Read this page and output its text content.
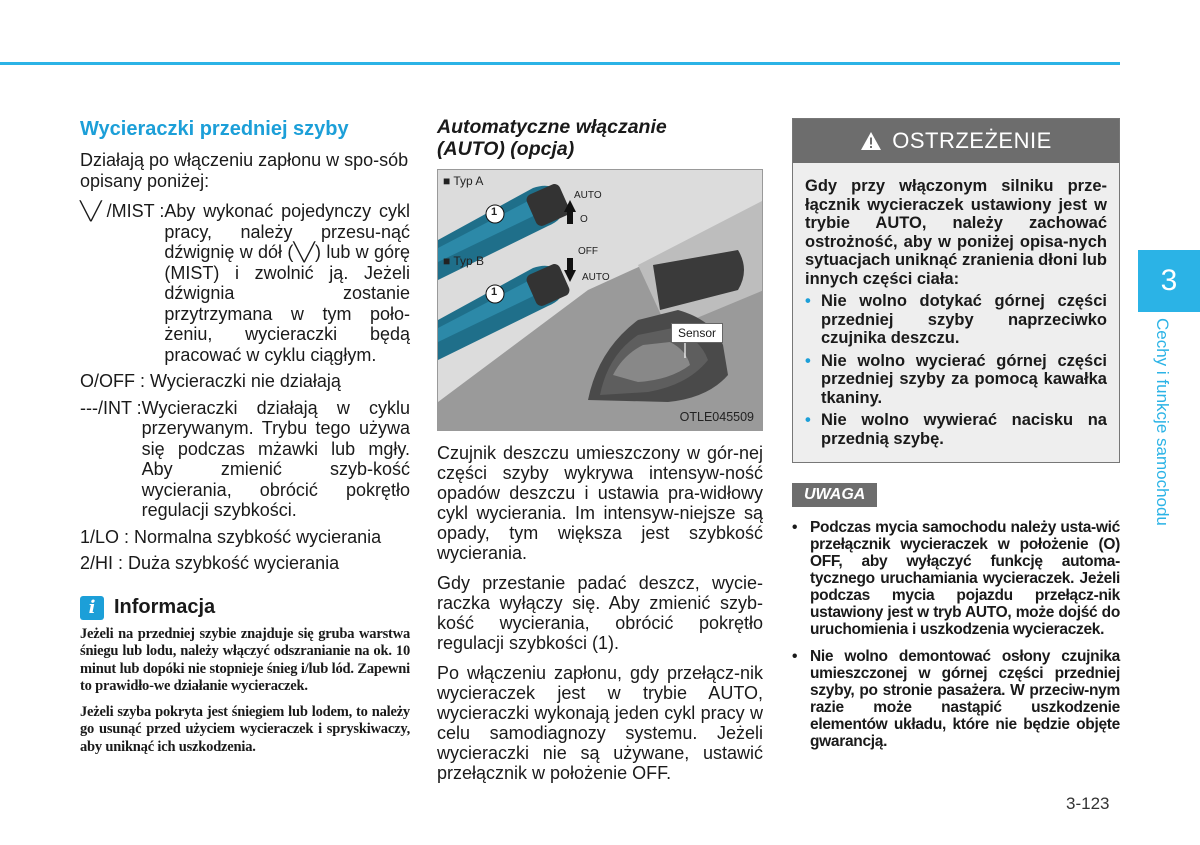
Wycieraczki przedniej szyby

Działają po włączeniu zapłonu w spo-sób opisany poniżej:

╲╱ /MIST : Aby wykonać pojedynczy cykl pracy, należy przesu-nąć dźwignię w dół (╲╱) lub w górę (MIST) i zwolnić ją. Jeżeli dźwignia zostanie przytrzymana w tym poło-żeniu, wycieraczki będą pracować w cyklu ciągłym.
O/OFF : Wycieraczki nie działają
---/INT : Wycieraczki działają w cyklu przerywanym. Trybu tego używa się podczas mżawki lub mgły. Aby zmienić szyb-kość wycierania, obrócić pokrętło regulacji szybkości.
1/LO : Normalna szybkość wycierania
2/HI : Duża szybkość wycierania
i Informacja

Jeżeli na przedniej szybie znajduje się gruba warstwa śniegu lub lodu, należy włączyć odszranianie na ok. 10 minut lub dopóki nie stopnieje śnieg i/lub lód. Zapewni to prawidło-we działanie wycieraczek.

Jeżeli szyba pokryta jest śniegiem lub lodem, to należy go usunąć przed użyciem wycieraczek i spryskiwaczy, aby uniknąć ich uszkodzenia.

Automatyczne włączanie
(AUTO) (opcja)
■ Typ A
■ Typ B
AUTO
O
OFF
AUTO
1
1
Sensor
OTLE045509

Czujnik deszczu umieszczony w gór-nej części szyby wykrywa intensyw-ność opadów deszczu i ustawia pra-widłowy cykl wycierania. Im intensyw-niejsze są opady, tym większa jest szybkość wycierania.

Gdy przestanie padać deszcz, wycie-raczka wyłączy się. Aby zmienić szyb-kość wycierania, obrócić pokrętło regulacji szybkości (1).

Po włączeniu zapłonu, gdy przełącz-nik wycieraczek jest w trybie AUTO, wycieraczki wykonają jeden cykl pracy w celu samodiagnozy systemu. Jeżeli wycieraczki nie są używane, ustawić przełącznik w położenie OFF.

OSTRZEŻENIE

Gdy przy włączonym silniku prze-łącznik wycieraczek ustawiony jest w trybie AUTO, należy zachować ostrożność, aby w poniżej opisa-nych sytuacjach uniknąć zranienia dłoni lub innych części ciała:

• Nie wolno dotykać górnej części przedniej szyby naprzeciwko czujnika deszczu.
• Nie wolno wycierać górnej części przedniej szyby za pomocą kawałka tkaniny.
• Nie wolno wywierać nacisku na przednią szybę.
UWAGA
• Podczas mycia samochodu należy usta-wić przełącznik wycieraczek w położenie (O) OFF, aby wyłączyć funkcję automa-tycznego uruchamiania wycieraczek. Jeżeli podczas mycia pojazdu przełącz-nik ustawiony jest w tryb AUTO, może dojść do uruchomienia i uszkodzenia wycieraczek.
• Nie wolno demontować osłony czujnika umieszczonej w górnej części przedniej szyby, po stronie pasażera. W przeciw-nym razie może nastąpić uszkodzenie elementów układu, które nie będzie objęte gwarancją.
3
Cechy i funkcje samochodu
3-123
